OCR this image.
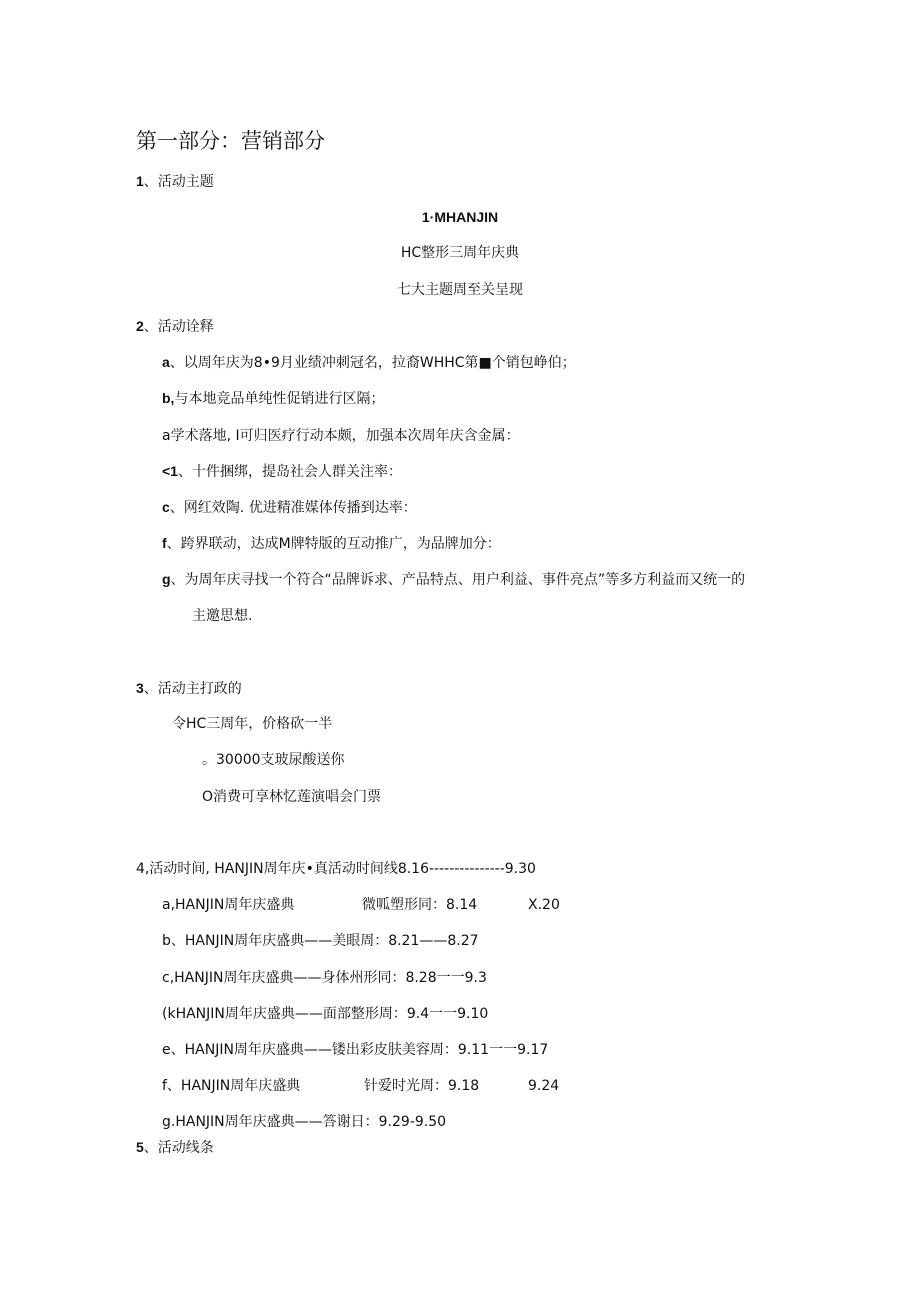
第一部分：营销部分
1、活动主题
1·MHANJIN
HC整形三周年庆典
七大主题周至关呈现
2、活动诠释
a、以周年庆为8•9月业绩冲刺冠名，拉裔WHHC第■个销包峥伯；
b,与本地竞品单纯性促销进行区隔；
a学术落地, I可归医疗行动本颇，加强本次周年庆含金属：
<1、十件捆绑，提岛社会人群关注率：
c、网红效陶. 优进精准媒体传播到达率：
f、跨界联动，达成M牌特版的互动推广，为品牌加分：
g、为周年庆寻找一个符合“品牌诉求、产品特点、用户利益、事件亮点”等多方利益而又统一的
主邀思想.
3、活动主打政的
令HC三周年，价格砍一半
。30000支玻尿酸送你
O消费可享林忆莲演唱会门票
4,活动时间, HANJIN周年庆•真活动时间线8.16---------------9.30
a,HANJIN周年庆盛典	微呱塑形同：8.14	X.20
b、HANJIN周年庆盛典——美眼周：8.21——8.27
c,HANJIN周年庆盛典——身体州形同：8.28一一9.3
(kHANJIN周年庆盛典——面部整形周：9.4一一9.10
e、HANJIN周年庆盛典——镂出彩皮肤美容周：9.11一一9.17
f、HANJIN周年庆盛典	针爱时光周：9.18	9.24
g.HANJIN周年庆盛典——答谢日：9.29-9.50
5、活动线条
